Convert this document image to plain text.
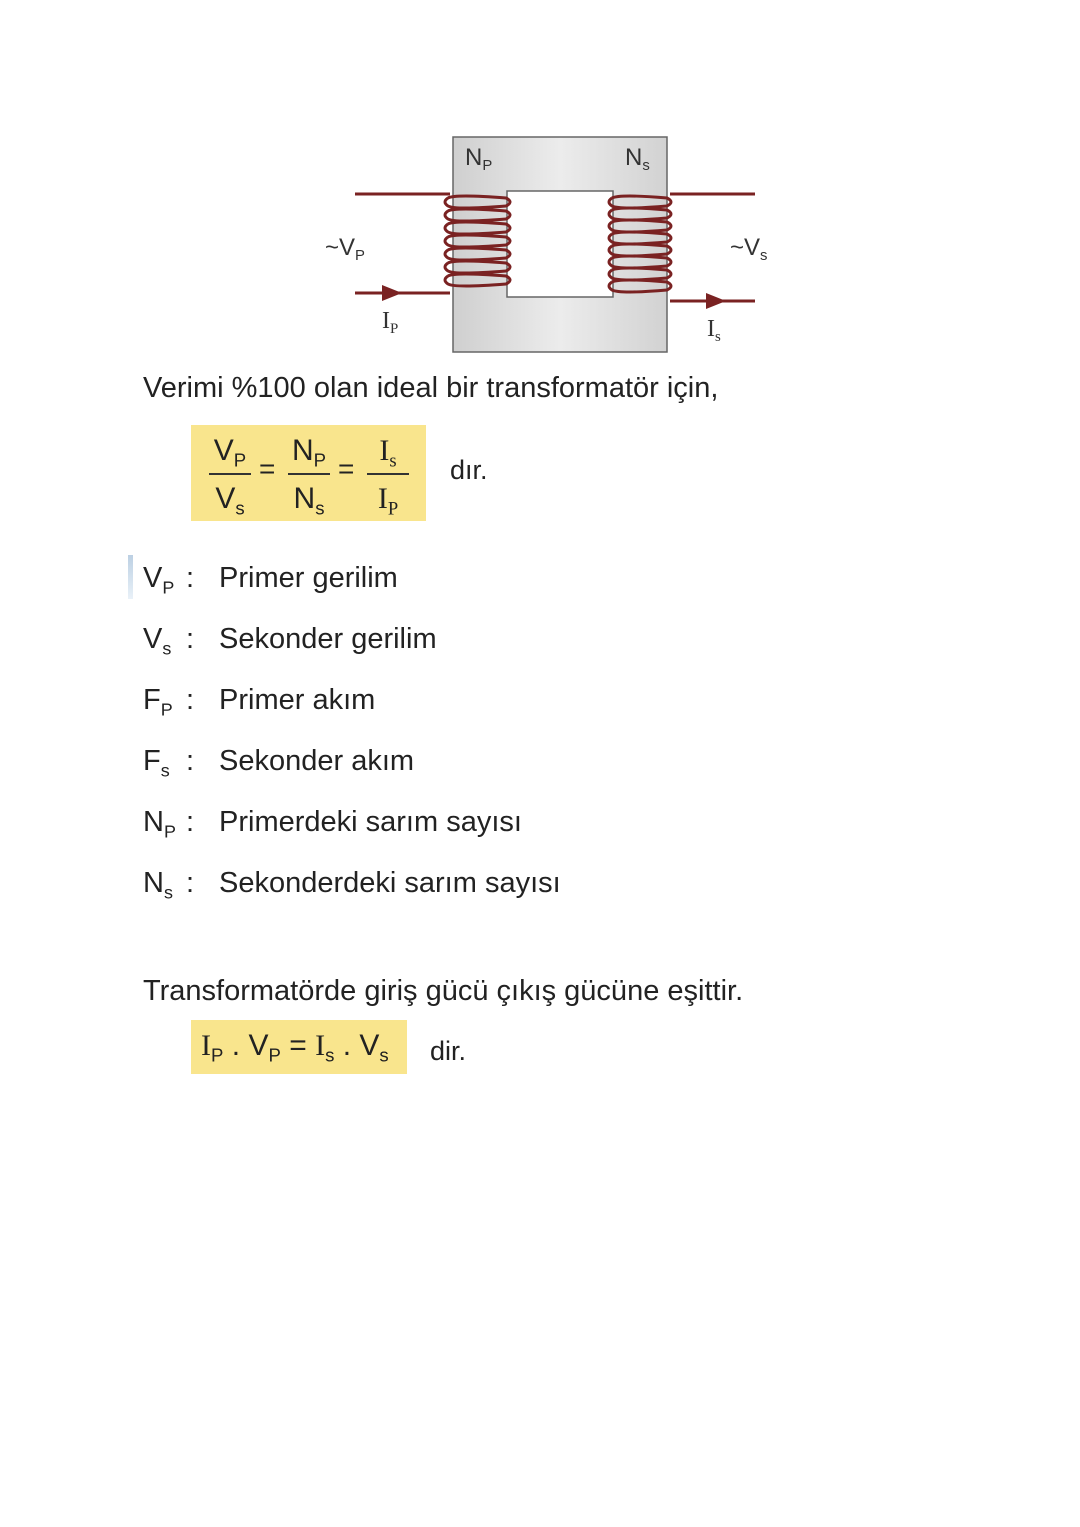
$N_P$	$N_s$
$\sim V_P$	$\sim V_s$
$I_P$	$I_s$
Verimi %100 olan ideal bir transformatör için,
$V_P$
$V_s$
=
$N_P$
$N_s$
=
$I_s$
$I_P$
dır.
$V_P$ : Primer gerilim
$V_s$ : Sekonder gerilim
$F_P$ : Primer akım
$F_s$ : Sekonder akım
$N_P$ : Primerdeki sarım sayısı
$N_s$ : Sekonderdeki sarım sayısı
Transformatörde giriş gücü çıkış gücüne eşittir.
$I_P$ . $V_P = I_s$ . $V_s$ dir.
